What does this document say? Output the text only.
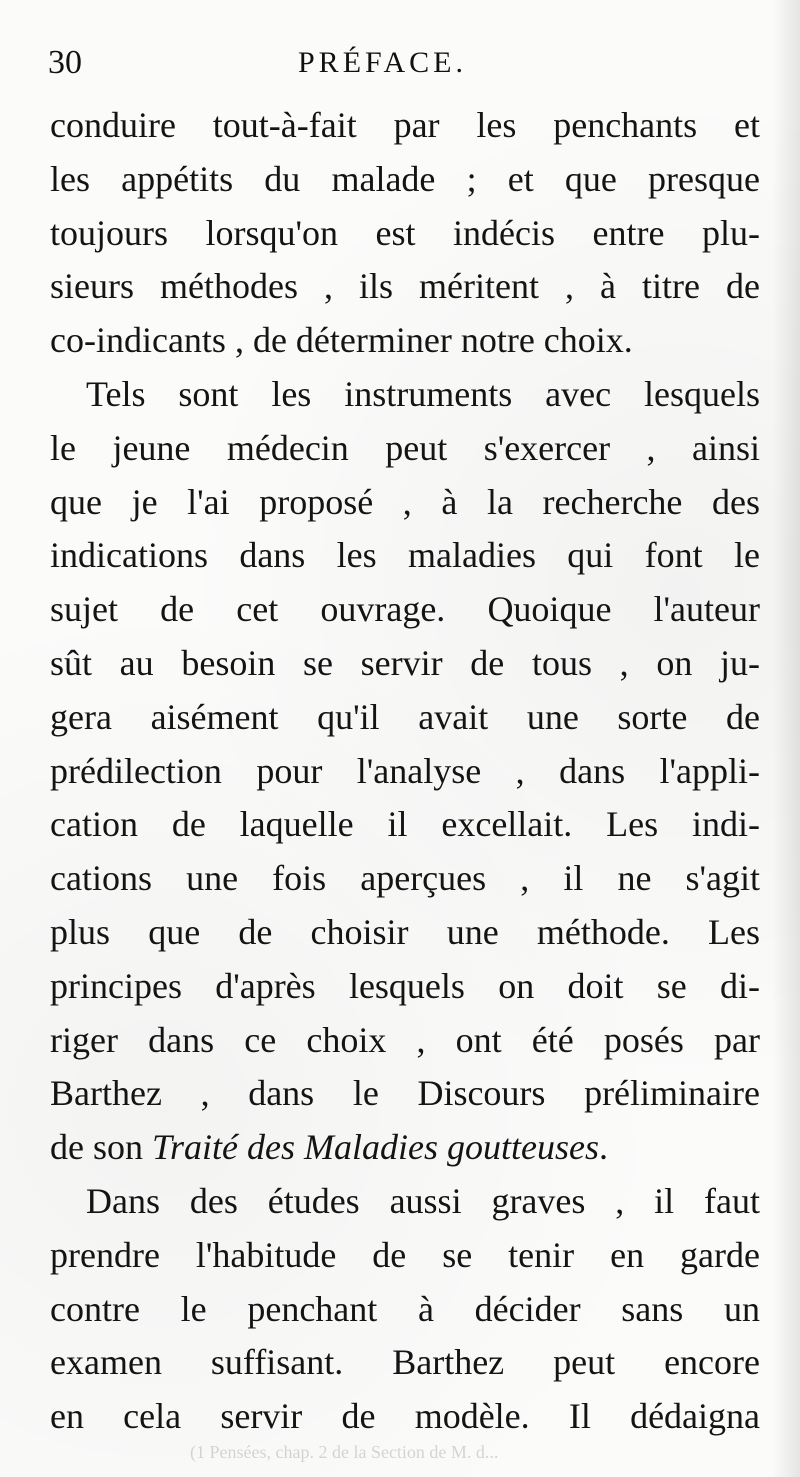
30	PRÉFACE.
conduire tout-à-fait par les penchants et
les appétits du malade ; et que presque
toujours lorsqu'on est indécis entre plu-
sieurs méthodes , ils méritent , à titre de
co-indicants , de déterminer notre choix.
Tels sont les instruments avec lesquels
le jeune médecin peut s'exercer , ainsi
que je l'ai proposé , à la recherche des
indications dans les maladies qui font le
sujet de cet ouvrage. Quoique l'auteur
sût au besoin se servir de tous , on ju-
gera aisément qu'il avait une sorte de
prédilection pour l'analyse , dans l'appli-
cation de laquelle il excellait. Les indi-
cations une fois aperçues , il ne s'agit
plus que de choisir une méthode. Les
principes d'après lesquels on doit se di-
riger dans ce choix , ont été posés par
Barthez , dans le Discours préliminaire
de son Traité des Maladies goutteuses.
Dans des études aussi graves , il faut
prendre l'habitude de se tenir en garde
contre le penchant à décider sans un
examen suffisant. Barthez peut encore
en cela servir de modèle. Il dédaigna
(1 Pensées, chap. 2 de la Section de M. d...
